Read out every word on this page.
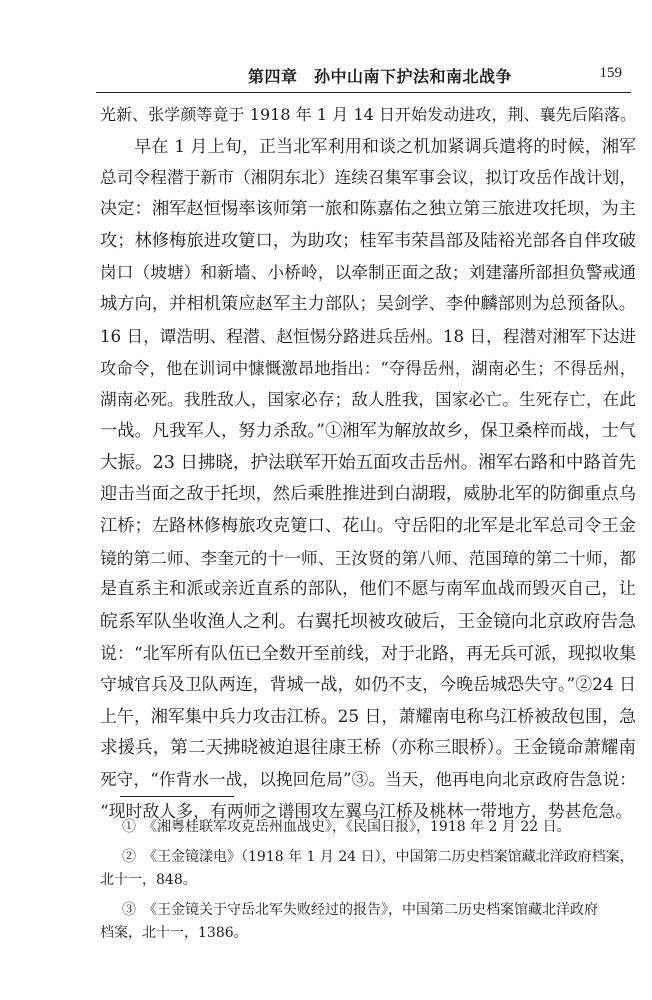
第四章　孙中山南下护法和南北战争	159
光新、张学颜等竟于 1918 年 1 月 14 日开始发动进攻，荆、襄先后陷落。
　　早在 1 月上旬，正当北军利用和谈之机加紧调兵遣将的时候，湘军
总司令程潜于新市（湘阴东北）连续召集军事会议，拟订攻岳作战计划，
决定：湘军赵恒惕率该师第一旅和陈嘉佑之独立第三旅进攻托坝，为主
攻；林修梅旅进攻筻口，为助攻；桂军韦荣昌部及陆裕光部各自伴攻破
岗口（坡塘）和新墙、小桥岭，以牵制正面之敌；刘建藩所部担负警戒通
城方向，并相机策应赵军主力部队；吴剑学、李仲麟部则为总预备队。
16 日，谭浩明、程潜、赵恒惕分路进兵岳州。18 日，程潜对湘军下达进
攻命令，他在训词中慷慨激昂地指出：“夺得岳州，湖南必生；不得岳州，
湖南必死。我胜敌人，国家必存；敌人胜我，国家必亡。生死存亡，在此
一战。凡我军人，努力杀敌。”①湘军为解放故乡，保卫桑梓而战，士气
大振。23 日拂晓，护法联军开始五面攻击岳州。湘军右路和中路首先
迎击当面之敌于托坝，然后乘胜推进到白湖瑕，威胁北军的防御重点乌
江桥；左路林修梅旅攻克筻口、花山。守岳阳的北军是北军总司令王金
镜的第二师、李奎元的十一师、王汝贤的第八师、范国璋的第二十师，都
是直系主和派或亲近直系的部队，他们不愿与南军血战而毁灭自己，让
皖系军队坐收渔人之利。右翼托坝被攻破后，王金镜向北京政府告急
说：“北军所有队伍已全数开至前线，对于北路，再无兵可派，现拟收集
守城官兵及卫队两连，背城一战，如仍不支，今晚岳城恐失守。”②24 日
上午，湘军集中兵力攻击江桥。25 日，萧耀南电称乌江桥被敌包围，急
求援兵，第二天拂晓被迫退往康王桥（亦称三眼桥）。王金镜命萧耀南
死守，“作背水一战，以挽回危局”③。当天，他再电向北京政府告急说：
“现时敌人多，有两师之谱围攻左翼乌江桥及桃林一带地方，势甚危急。
①　《湘粤桂联军攻克岳州血战史》，《民国日报》，1918 年 2 月 22 日。
②　《王金镜漾电》（1918 年 1 月 24 日），中国第二历史档案馆藏北洋政府档案，
北十一，848。
③　《王金镜关于守岳北军失败经过的报告》，中国第二历史档案馆藏北洋政府
档案，北十一，1386。
